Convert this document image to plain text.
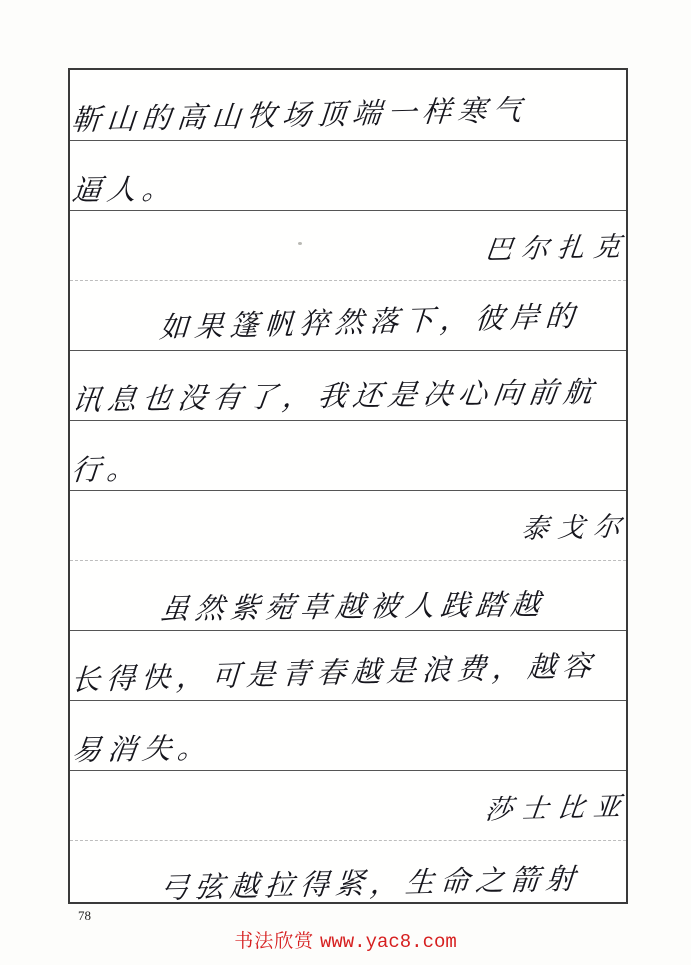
靳山的高山牧场顶端一样寒气
逼人。
巴尔扎克
如果篷帆猝然落下，彼岸的
讯息也没有了，我还是决心向前航
行。
泰戈尔
虽然紫菀草越被人践踏越
长得快，可是青春越是浪费，越容
易消失。
莎士比亚
弓弦越拉得紧，生命之箭射
78
书法欣赏 www.yac8.com
